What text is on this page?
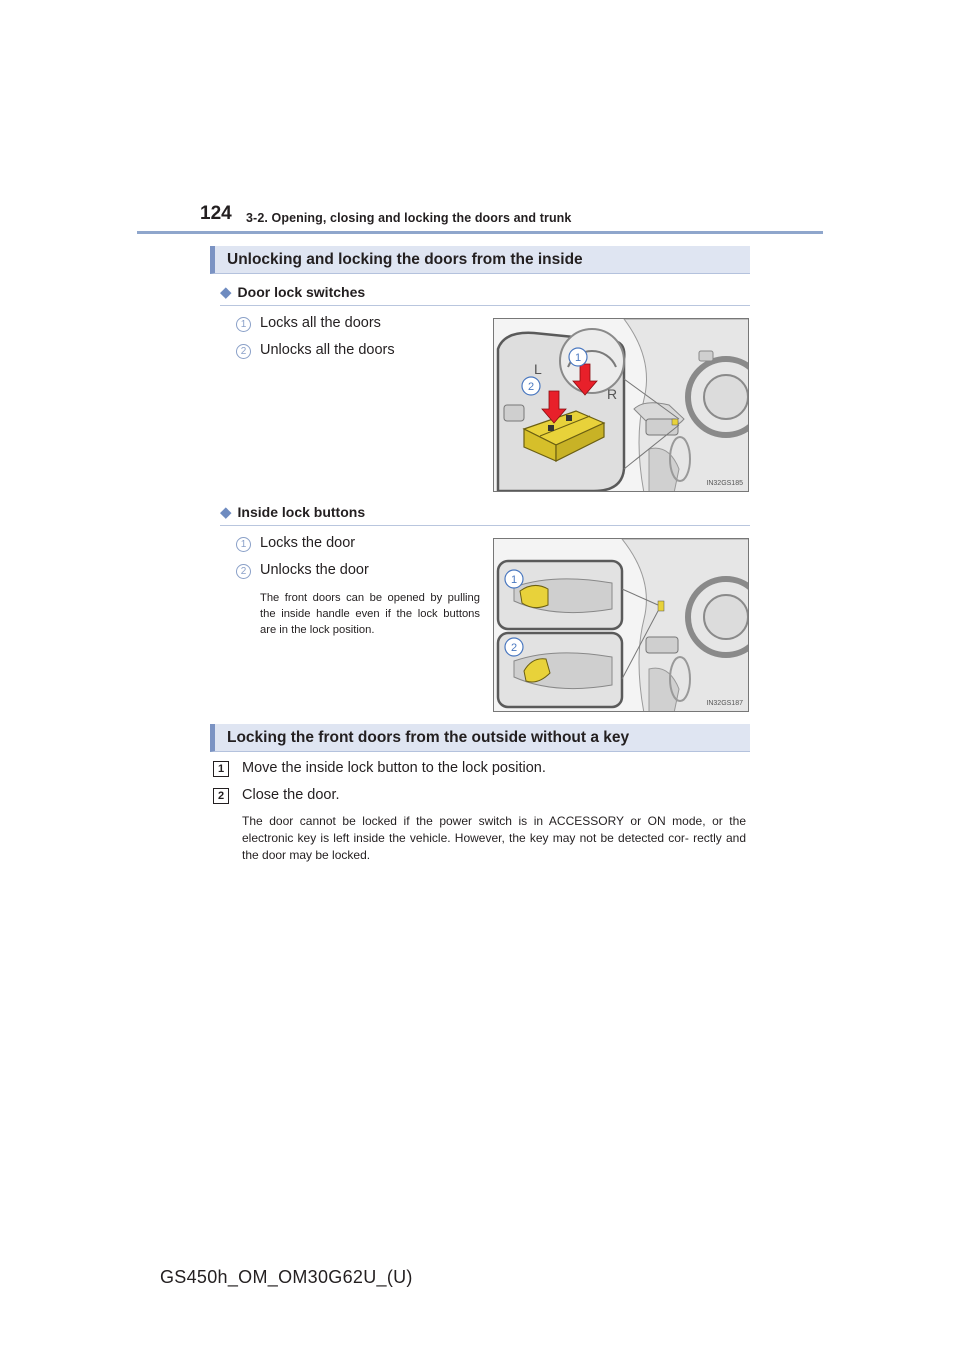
124 3-2. Opening, closing and locking the doors and trunk
Unlocking and locking the doors from the inside
◆ Door lock switches
1 Locks all the doors
2 Unlocks all the doors
L
R
1
2
IN32GS185
◆ Inside lock buttons
1 Locks the door
2 Unlocks the door
The front doors can be opened by pulling the inside handle even if the lock buttons are in the lock position.
1
2
IN32GS187
Locking the front doors from the outside without a key
1	Move the inside lock button to the lock position.
2	Close the door.
The door cannot be locked if the power switch is in ACCESSORY or ON mode, or the electronic key is left inside the vehicle. However, the key may not be detected cor- rectly and the door may be locked.
GS450h_OM_OM30G62U_(U)
